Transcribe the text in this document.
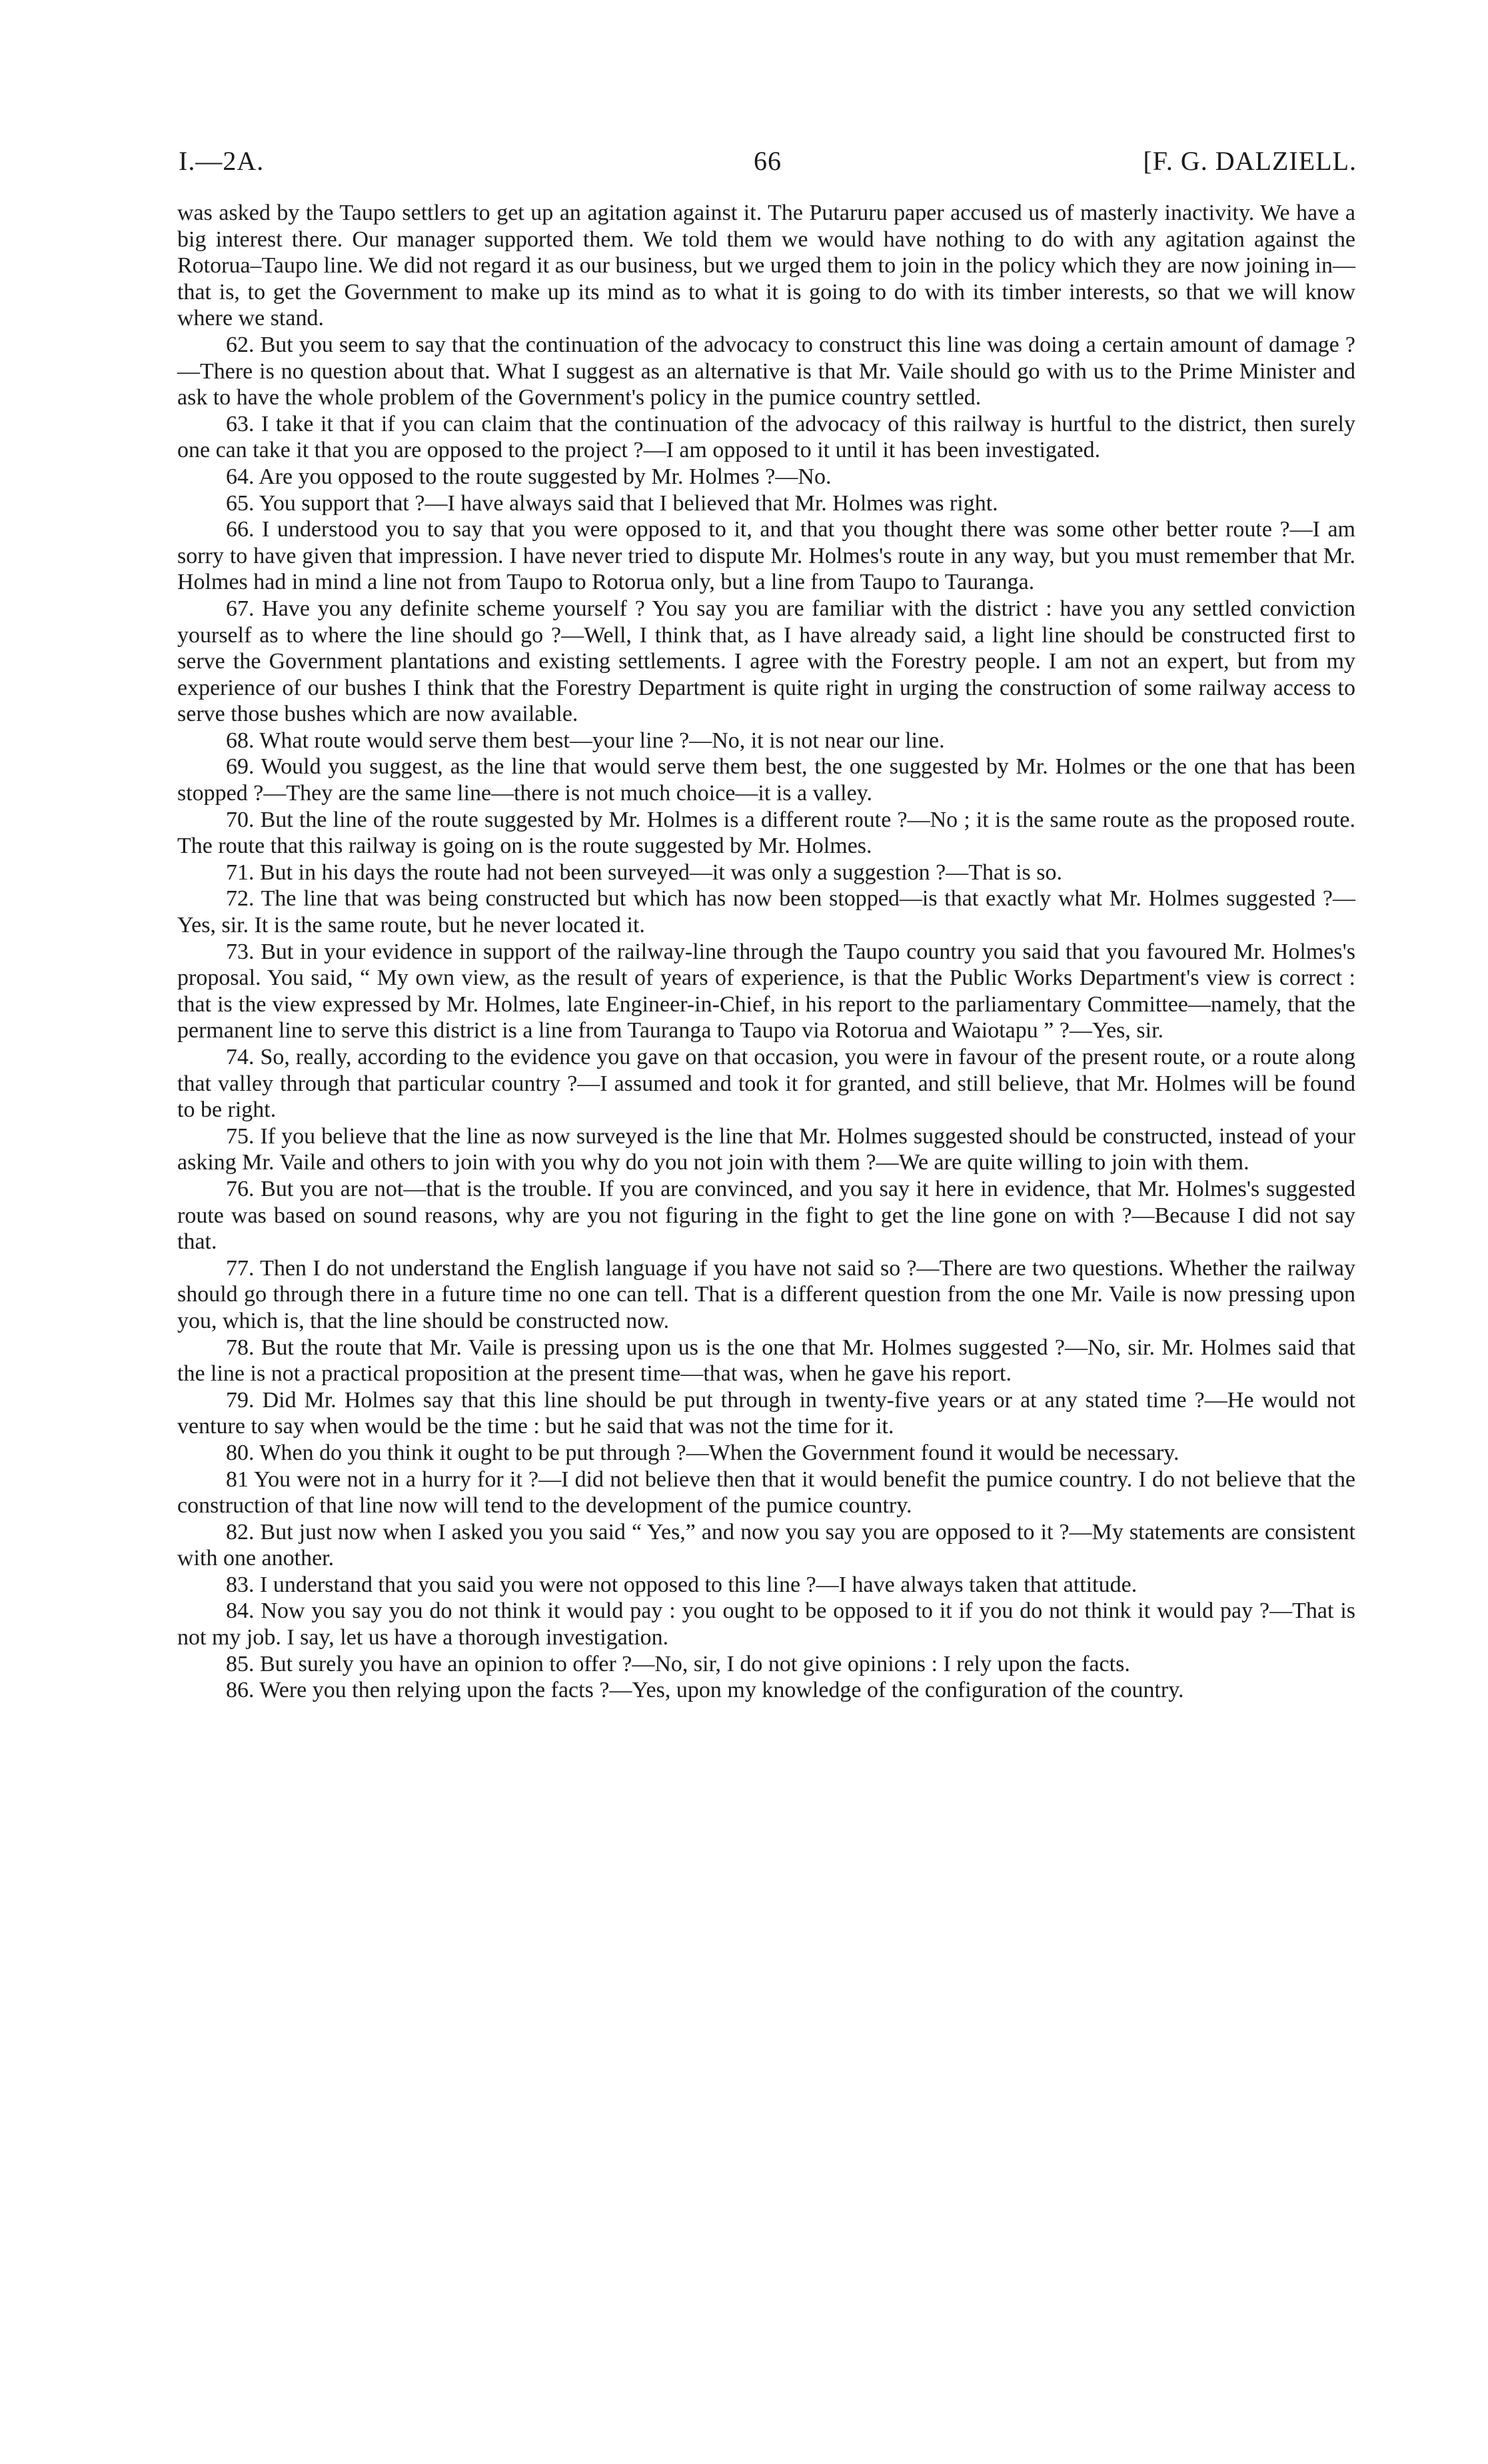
I.—2A.	66	[F. G. DALZIELL.

was asked by the Taupo settlers to get up an agitation against it. The Putaruru paper accused us of masterly inactivity. We have a big interest there. Our manager supported them. We told them we would have nothing to do with any agitation against the Rotorua–Taupo line. We did not regard it as our business, but we urged them to join in the policy which they are now joining in—that is, to get the Government to make up its mind as to what it is going to do with its timber interests, so that we will know where we stand.

62. But you seem to say that the continuation of the advocacy to construct this line was doing a certain amount of damage ?—There is no question about that. What I suggest as an alternative is that Mr. Vaile should go with us to the Prime Minister and ask to have the whole problem of the Government's policy in the pumice country settled.

63. I take it that if you can claim that the continuation of the advocacy of this railway is hurtful to the district, then surely one can take it that you are opposed to the project ?—I am opposed to it until it has been investigated.

64. Are you opposed to the route suggested by Mr. Holmes ?—No.

65. You support that ?—I have always said that I believed that Mr. Holmes was right.

66. I understood you to say that you were opposed to it, and that you thought there was some other better route ?—I am sorry to have given that impression. I have never tried to dispute Mr. Holmes's route in any way, but you must remember that Mr. Holmes had in mind a line not from Taupo to Rotorua only, but a line from Taupo to Tauranga.

67. Have you any definite scheme yourself ? You say you are familiar with the district : have you any settled conviction yourself as to where the line should go ?—Well, I think that, as I have already said, a light line should be constructed first to serve the Government plantations and existing settlements. I agree with the Forestry people. I am not an expert, but from my experience of our bushes I think that the Forestry Department is quite right in urging the construction of some railway access to serve those bushes which are now available.

68. What route would serve them best—your line ?—No, it is not near our line.

69. Would you suggest, as the line that would serve them best, the one suggested by Mr. Holmes or the one that has been stopped ?—They are the same line—there is not much choice—it is a valley.

70. But the line of the route suggested by Mr. Holmes is a different route ?—No ; it is the same route as the proposed route. The route that this railway is going on is the route suggested by Mr. Holmes.

71. But in his days the route had not been surveyed—it was only a suggestion ?—That is so.

72. The line that was being constructed but which has now been stopped—is that exactly what Mr. Holmes suggested ?—Yes, sir. It is the same route, but he never located it.

73. But in your evidence in support of the railway-line through the Taupo country you said that you favoured Mr. Holmes's proposal. You said, “ My own view, as the result of years of experience, is that the Public Works Department's view is correct : that is the view expressed by Mr. Holmes, late Engineer-in-Chief, in his report to the parliamentary Committee—namely, that the permanent line to serve this district is a line from Tauranga to Taupo via Rotorua and Waiotapu ” ?—Yes, sir.

74. So, really, according to the evidence you gave on that occasion, you were in favour of the present route, or a route along that valley through that particular country ?—I assumed and took it for granted, and still believe, that Mr. Holmes will be found to be right.

75. If you believe that the line as now surveyed is the line that Mr. Holmes suggested should be constructed, instead of your asking Mr. Vaile and others to join with you why do you not join with them ?—We are quite willing to join with them.

76. But you are not—that is the trouble. If you are convinced, and you say it here in evidence, that Mr. Holmes's suggested route was based on sound reasons, why are you not figuring in the fight to get the line gone on with ?—Because I did not say that.

77. Then I do not understand the English language if you have not said so ?—There are two questions. Whether the railway should go through there in a future time no one can tell. That is a different question from the one Mr. Vaile is now pressing upon you, which is, that the line should be constructed now.

78. But the route that Mr. Vaile is pressing upon us is the one that Mr. Holmes suggested ?—No, sir. Mr. Holmes said that the line is not a practical proposition at the present time—that was, when he gave his report.

79. Did Mr. Holmes say that this line should be put through in twenty-five years or at any stated time ?—He would not venture to say when would be the time : but he said that was not the time for it.

80. When do you think it ought to be put through ?—When the Government found it would be necessary.

81 You were not in a hurry for it ?—I did not believe then that it would benefit the pumice country. I do not believe that the construction of that line now will tend to the development of the pumice country.

82. But just now when I asked you you said “ Yes,” and now you say you are opposed to it ?—My statements are consistent with one another.

83. I understand that you said you were not opposed to this line ?—I have always taken that attitude.

84. Now you say you do not think it would pay : you ought to be opposed to it if you do not think it would pay ?—That is not my job. I say, let us have a thorough investigation.

85. But surely you have an opinion to offer ?—No, sir, I do not give opinions : I rely upon the facts.

86. Were you then relying upon the facts ?—Yes, upon my knowledge of the configuration of the country.
